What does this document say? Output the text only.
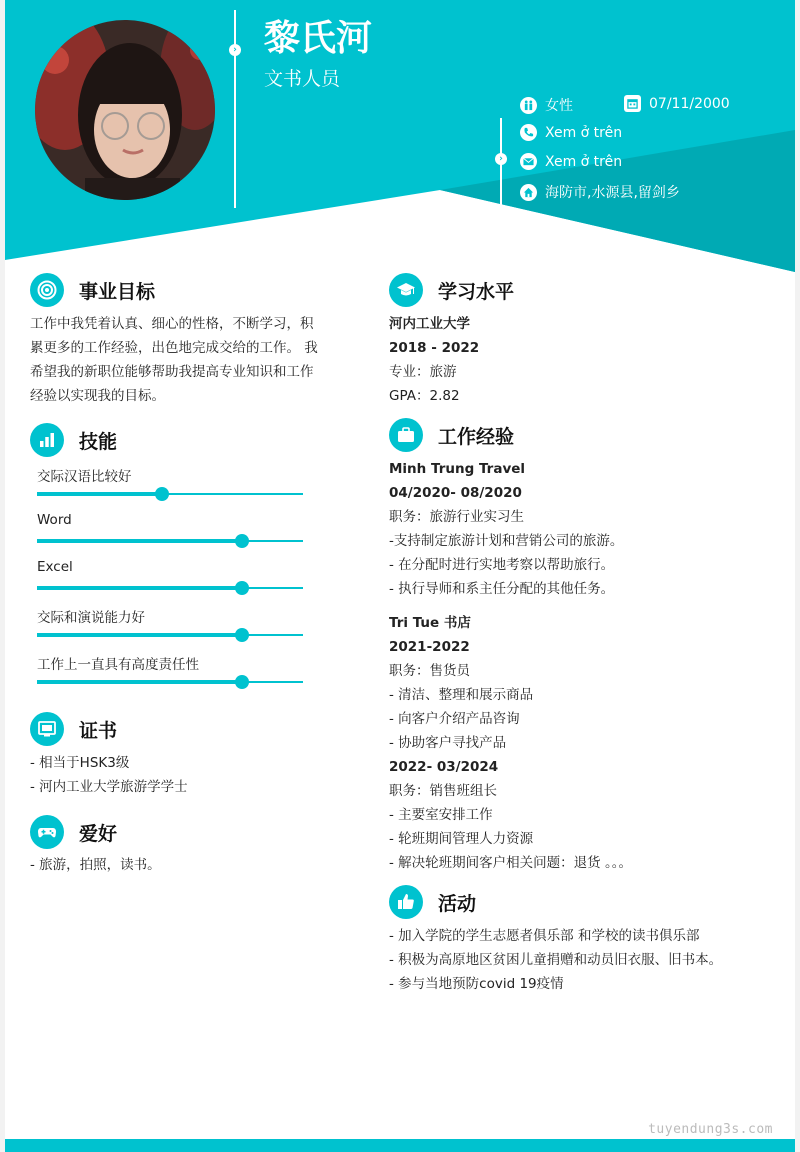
› 黎氏河
文书人员
›
女性	07/11/2000
Xem ở trên
Xem ở trên
海防市,水源县,留剑乡
事业目标
工作中我凭着认真、细心的性格，不断学习，积累更多的工作经验，出色地完成交给的工作。 我希望我的新职位能够帮助我提高专业知识和工作经验以实现我的目标。
技能
交际汉语比较好
Word
Excel
交际和演说能力好
工作上一直具有高度责任性
证书
- 相当于HSK3级
- 河内工业大学旅游学学士
爱好
- 旅游，拍照，读书。
学习水平
河内工业大学
2018 - 2022
专业：旅游
GPA：2.82
工作经验
Minh Trung Travel
04/2020- 08/2020
职务：旅游行业实习生
-支持制定旅游计划和营销公司的旅游。
- 在分配时进行实地考察以帮助旅行。
- 执行导师和系主任分配的其他任务。
Tri Tue 书店
2021-2022
职务：售货员
- 清洁、整理和展示商品
- 向客户介绍产品咨询
- 协助客户寻找产品
2022- 03/2024
职务：销售班组长
- 主要室安排工作
- 轮班期间管理人力资源
- 解决轮班期间客户相关问题：退货 。。。
活动
- 加入学院的学生志愿者俱乐部 和学校的读书俱乐部
- 积极为高原地区贫困儿童捐赠和动员旧衣服、旧书本。
- 参与当地预防covid 19疫情
tuyendung3s.com
